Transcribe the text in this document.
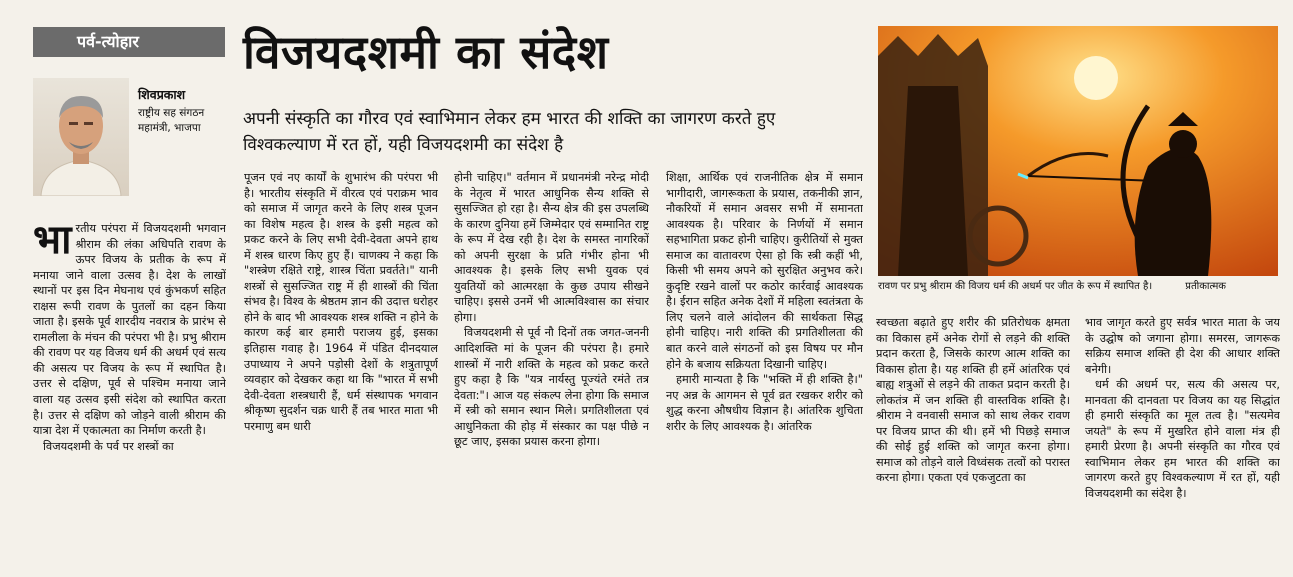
पर्व-त्योहार
शिवप्रकाश
राष्ट्रीय सह संगठन महामंत्री, भाजपा
विजयदशमी का संदेश
अपनी संस्कृति का गौरव एवं स्वाभिमान लेकर हम भारत की शक्ति का जागरण करते हुए विश्वकल्याण में रत हों, यही विजयदशमी का संदेश है
रावण पर प्रभु श्रीराम की विजय धर्म की अधर्म पर जीत के रूप में स्थापित है।	प्रतीकात्मक

भारतीय परंपरा में विजयदशमी भगवान श्रीराम की लंका अधिपति रावण के ऊपर विजय के प्रतीक के रूप में मनाया जाने वाला उत्सव है। देश के लाखों स्थानों पर इस दिन मेघनाथ एवं कुंभकर्ण सहित राक्षस रूपी रावण के पुतलों का दहन किया जाता है। इसके पूर्व शारदीय नवरात्र के प्रारंभ से रामलीला के मंचन की परंपरा भी है। प्रभु श्रीराम की रावण पर यह विजय धर्म की अधर्म एवं सत्य की असत्य पर विजय के रूप में स्थापित है। उत्तर से दक्षिण, पूर्व से पश्चिम मनाया जाने वाला यह उत्सव इसी संदेश को स्थापित करता है। उत्तर से दक्षिण को जोड़ने वाली श्रीराम की यात्रा देश में एकात्मता का निर्माण करती है।

विजयदशमी के पर्व पर शस्त्रों का

पूजन एवं नए कार्यों के शुभारंभ की परंपरा भी है। भारतीय संस्कृति में वीरत्व एवं पराक्रम भाव को समाज में जागृत करने के लिए शस्त्र पूजन का विशेष महत्व है। शस्त्र के इसी महत्व को प्रकट करने के लिए सभी देवी-देवता अपने हाथ में शस्त्र धारण किए हुए हैं। चाणक्य ने कहा कि "शस्त्रेण रक्षिते राष्ट्रे, शास्त्र चिंता प्रवर्तते।" यानी शस्त्रों से सुसज्जित राष्ट्र में ही शास्त्रों की चिंता संभव है। विश्व के श्रेष्ठतम ज्ञान की उदात्त धरोहर होने के बाद भी आवश्यक शस्त्र शक्ति न होने के कारण कई बार हमारी पराजय हुई, इसका इतिहास गवाह है। 1964 में पंडित दीनदयाल उपाध्याय ने अपने पड़ोसी देशों के शत्रुतापूर्ण व्यवहार को देखकर कहा था कि "भारत में सभी देवी-देवता शस्त्रधारी हैं, धर्म संस्थापक भगवान श्रीकृष्ण सुदर्शन चक्र धारी हैं तब भारत माता भी परमाणु बम धारी

होनी चाहिए।" वर्तमान में प्रधानमंत्री नरेन्द्र मोदी के नेतृत्व में भारत आधुनिक सैन्य शक्ति से सुसज्जित हो रहा है। सैन्य क्षेत्र की इस उपलब्धि के कारण दुनिया हमें जिम्मेदार एवं सम्मानित राष्ट्र के रूप में देख रही है। देश के समस्त नागरिकों को अपनी सुरक्षा के प्रति गंभीर होना भी आवश्यक है। इसके लिए सभी युवक एवं युवतियों को आत्मरक्षा के कुछ उपाय सीखने चाहिए। इससे उनमें भी आत्मविश्वास का संचार होगा।

विजयदशमी से पूर्व नौ दिनों तक जगत-जननी आदिशक्ति मां के पूजन की परंपरा है। हमारे शास्त्रों में नारी शक्ति के महत्व को प्रकट करते हुए कहा है कि "यत्र नार्यस्तु पूज्यंते रमंते तत्र देवता:"। आज यह संकल्प लेना होगा कि समाज में स्त्री को समान स्थान मिले। प्रगतिशीलता एवं आधुनिकता की होड़ में संस्कार का पक्ष पीछे न छूट जाए, इसका प्रयास करना होगा।

शिक्षा, आर्थिक एवं राजनीतिक क्षेत्र में समान भागीदारी, जागरूकता के प्रयास, तकनीकी ज्ञान, नौकरियों में समान अवसर सभी में समानता आवश्यक है। परिवार के निर्णयों में समान सहभागिता प्रकट होनी चाहिए। कुरीतियों से मुक्त समाज का वातावरण ऐसा हो कि स्त्री कहीं भी, किसी भी समय अपने को सुरक्षित अनुभव करे। कुदृष्टि रखने वालों पर कठोर कार्रवाई आवश्यक है। ईरान सहित अनेक देशों में महिला स्वतंत्रता के लिए चलने वाले आंदोलन की सार्थकता सिद्ध होनी चाहिए। नारी शक्ति की प्रगतिशीलता की बात करने वाले संगठनों को इस विषय पर मौन होने के बजाय सक्रियता दिखानी चाहिए।

हमारी मान्यता है कि "भक्ति में ही शक्ति है।" नए अन्न के आगमन से पूर्व व्रत रखकर शरीर को शुद्ध करना औषधीय विज्ञान है। आंतरिक शुचिता शरीर के लिए आवश्यक है। आंतरिक

स्वच्छता बढ़ाते हुए शरीर की प्रतिरोधक क्षमता का विकास हमें अनेक रोगों से लड़ने की शक्ति प्रदान करता है, जिसके कारण आत्म शक्ति का विकास होता है। यह शक्ति ही हमें आंतरिक एवं बाह्य शत्रुओं से लड़ने की ताकत प्रदान करती है। लोकतंत्र में जन शक्ति ही वास्तविक शक्ति है। श्रीराम ने वनवासी समाज को साथ लेकर रावण पर विजय प्राप्त की थी। हमें भी पिछड़े समाज की सोई हुई शक्ति को जागृत करना होगा। समाज को तोड़ने वाले विध्वंसक तत्वों को परास्त करना होगा। एकता एवं एकजुटता का

भाव जागृत करते हुए सर्वत्र भारत माता के जय के उद्घोष को जगाना होगा। समरस, जागरूक सक्रिय समाज शक्ति ही देश की आधार शक्ति बनेगी।

धर्म की अधर्म पर, सत्य की असत्य पर, मानवता की दानवता पर विजय का यह सिद्धांत ही हमारी संस्कृति का मूल तत्व है। "सत्यमेव जयते" के रूप में मुखरित होने वाला मंत्र ही हमारी प्रेरणा है। अपनी संस्कृति का गौरव एवं स्वाभिमान लेकर हम भारत की शक्ति का जागरण करते हुए विश्वकल्याण में रत हों, यही विजयदशमी का संदेश है।
